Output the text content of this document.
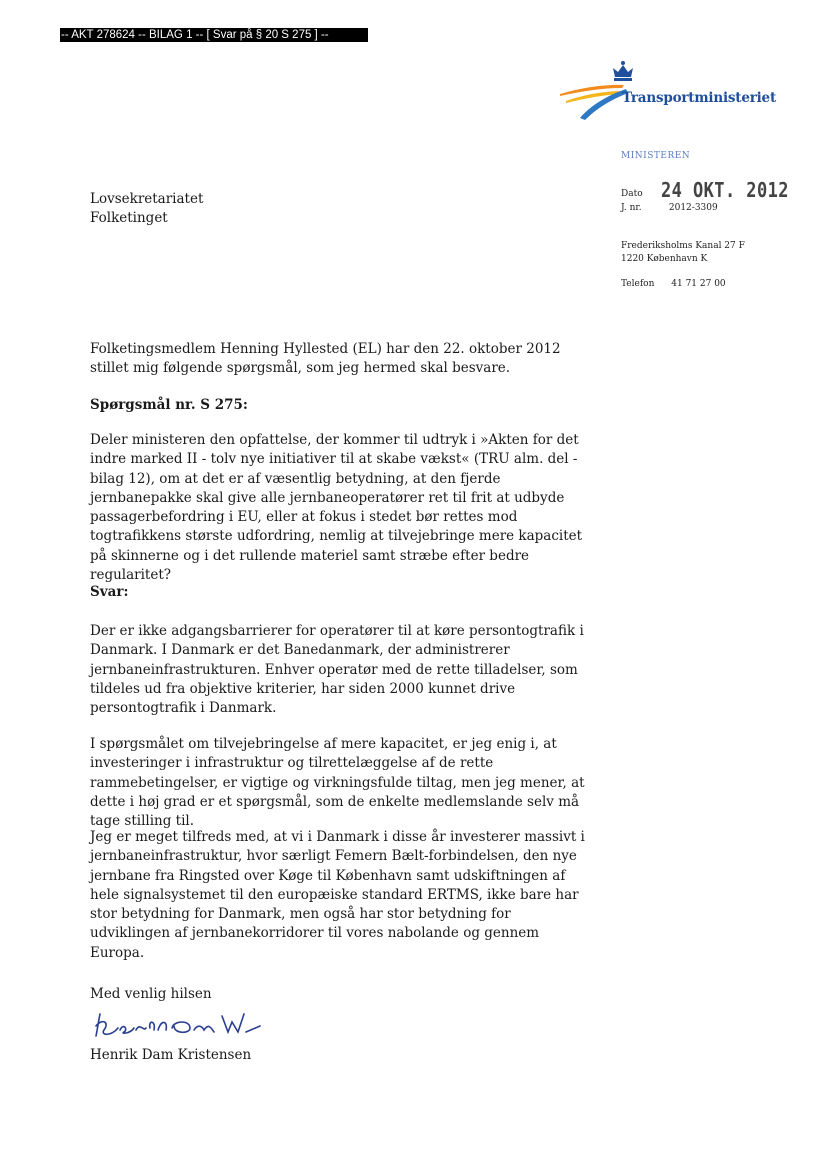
-- AKT 278624 -- BILAG 1 -- [ Svar på § 20 S 275 ] --
Transportministeriet
MINISTEREN
Lovsekretariatet
Folketinget
Dato 24 OKT. 2012
J. nr.	2012-3309
Frederiksholms Kanal 27 F
1220 København K
Telefon 41 71 27 00

Folketingsmedlem Henning Hyllested (EL) har den 22. oktober 2012 stillet mig følgende spørgsmål, som jeg hermed skal besvare.

Spørgsmål nr. S 275:

Deler ministeren den opfattelse, der kommer til udtryk i »Akten for det indre marked II - tolv nye initiativer til at skabe vækst« (TRU alm. del - bilag 12), om at det er af væsentlig betydning, at den fjerde jernbanepakke skal give alle jernbaneoperatører ret til frit at udbyde passagerbefordring i EU, eller at fokus i stedet bør rettes mod togtrafikkens største udfordring, nemlig at tilvejebringe mere kapacitet på skinnerne og i det rullende materiel samt stræbe efter bedre regularitet?

Svar:

Der er ikke adgangsbarrierer for operatører til at køre persontogtrafik i Danmark. I Danmark er det Banedanmark, der administrerer jernbaneinfrastrukturen. Enhver operatør med de rette tilladelser, som tildeles ud fra objektive kriterier, har siden 2000 kunnet drive persontogtrafik i Danmark.

I spørgsmålet om tilvejebringelse af mere kapacitet, er jeg enig i, at investeringer i infrastruktur og tilrettelæggelse af de rette rammebetingelser, er vigtige og virkningsfulde tiltag, men jeg mener, at dette i høj grad er et spørgsmål, som de enkelte medlemslande selv må tage stilling til.

Jeg er meget tilfreds med, at vi i Danmark i disse år investerer massivt i jernbaneinfrastruktur, hvor særligt Femern Bælt-forbindelsen, den nye jernbane fra Ringsted over Køge til København samt udskiftningen af hele signalsystemet til den europæiske standard ERTMS, ikke bare har stor betydning for Danmark, men også har stor betydning for udviklingen af jernbanekorridorer til vores nabolande og gennem Europa.

Med venlig hilsen
Henrik Dam Kristensen
